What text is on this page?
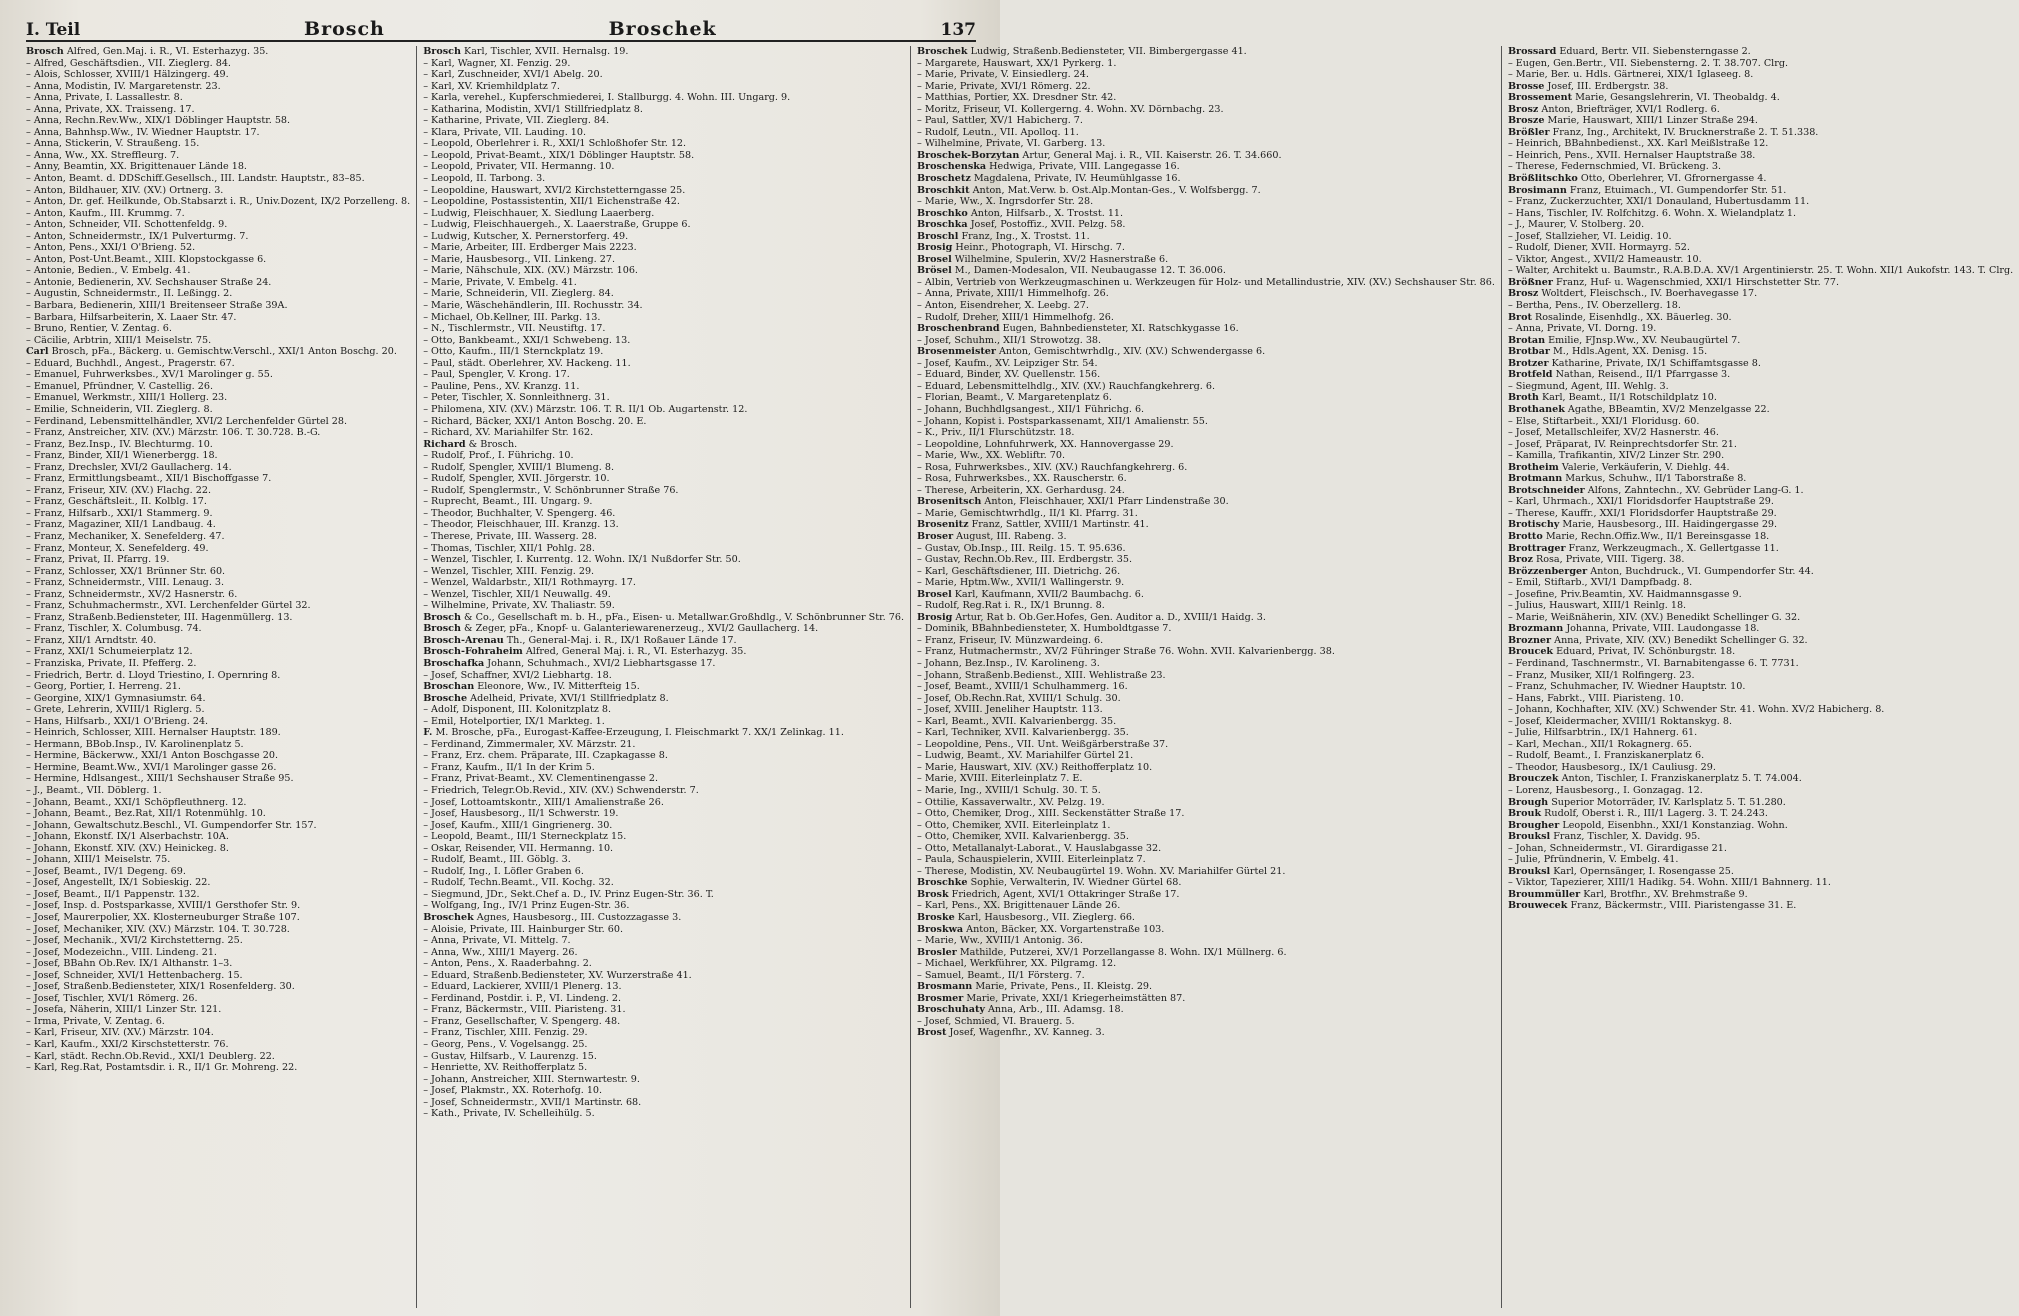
I. Teil	Brosch	Broschek	137
Brosch Alfred, Gen.Maj. i. R., VI. Esterhazyg. 35.
– Alfred, Geschäftsdien., VII. Zieglerg. 84.
– Alois, Schlosser, XVIII/1 Hälzingerg. 49.
– Anna, Modistin, IV. Margaretenstr. 23.
– Anna, Private, I. Lassallestr. 8.
– Anna, Private, XX. Traisseng. 17.
– Anna, Rechn.Rev.Ww., XIX/1 Döblinger Hauptstr. 58.
– Anna, Bahnhsp.Ww., IV. Wiedner Hauptstr. 17.
– Anna, Stickerin, V. Straußeng. 15.
– Anna, Ww., XX. Streffleurg. 7.
– Anny, Beamtin, XX. Brigittenauer Lände 18.
– Anton, Beamt. d. DDSchiff.Gesellsch., III. Landstr. Hauptstr., 83–85.
– Anton, Bildhauer, XIV. (XV.) Ortnerg. 3.
– Anton, Dr. gef. Heilkunde, Ob.Stabsarzt i. R., Univ.Dozent, IX/2 Porzelleng. 8.
– Anton, Kaufm., III. Krummg. 7.
– Anton, Schneider, VII. Schottenfeldg. 9.
– Anton, Schneidermstr., IX/1 Pulverturmg. 7.
– Anton, Pens., XXI/1 O'Brieng. 52.
– Anton, Post-Unt.Beamt., XIII. Klopstockgasse 6.
– Antonie, Bedien., V. Embelg. 41.
– Antonie, Bedienerin, XV. Sechshauser Straße 24.
– Augustin, Schneidermstr., II. Leßingg. 2.
– Barbara, Bedienerin, XIII/1 Breitenseer Straße 39A.
– Barbara, Hilfsarbeiterin, X. Laaer Str. 47.
– Bruno, Rentier, V. Zentag. 6.
– Cäcilie, Arbtrin, XIII/1 Meiselstr. 75.
Carl Brosch, pFa., Bäckerg. u. Gemischtw.Verschl., XXI/1 Anton Boschg. 20.
– Eduard, Buchhdl., Angest., Pragerstr. 67.
– Emanuel, Fuhrwerksbes., XV/1 Marolinger g. 55.
– Emanuel, Pfründner, V. Castellig. 26.
– Emanuel, Werkmstr., XIII/1 Hollerg. 23.
– Emilie, Schneiderin, VII. Zieglerg. 8.
– Ferdinand, Lebensmittelhändler, XVI/2 Lerchenfelder Gürtel 28.
– Franz, Anstreicher, XIV. (XV.) Märzstr. 106. T. 30.728. B.-G.
– Franz, Bez.Insp., IV. Blechturmg. 10.
– Franz, Binder, XII/1 Wienerbergg. 18.
– Franz, Drechsler, XVI/2 Gaullacherg. 14.
– Franz, Ermittlungsbeamt., XII/1 Bischoffgasse 7.
– Franz, Friseur, XIV. (XV.) Flachg. 22.
– Franz, Geschäftsleit., II. Kolblg. 17.
– Franz, Hilfsarb., XXI/1 Stammerg. 9.
– Franz, Magaziner, XII/1 Landbaug. 4.
– Franz, Mechaniker, X. Senefelderg. 47.
– Franz, Monteur, X. Senefelderg. 49.
– Franz, Privat, II. Pfarrg. 19.
– Franz, Schlosser, XX/1 Brünner Str. 60.
– Franz, Schneidermstr., VIII. Lenaug. 3.
– Franz, Schneidermstr., XV/2 Hasnerstr. 6.
– Franz, Schuhmachermstr., XVI. Lerchenfelder Gürtel 32.
– Franz, Straßenb.Bediensteter, III. Hagenmüllerg. 13.
– Franz, Tischler, X. Columbusg. 74.
– Franz, XII/1 Arndtstr. 40.
– Franz, XXI/1 Schumeierplatz 12.
– Franziska, Private, II. Pfefferg. 2.
– Friedrich, Bertr. d. Lloyd Triestino, I. Opernring 8.
– Georg, Portier, I. Herreng. 21.
– Georgine, XIX/1 Gymnasiumstr. 64.
– Grete, Lehrerin, XVIII/1 Riglerg. 5.
– Hans, Hilfsarb., XXI/1 O'Brieng. 24.
– Heinrich, Schlosser, XIII. Hernalser Hauptstr. 189.
– Hermann, BBob.Insp., IV. Karolinenplatz 5.
– Hermine, Bäckerww., XXI/1 Anton Boschgasse 20.
– Hermine, Beamt.Ww., XVI/1 Marolinger gasse 26.
– Hermine, Hdlsangest., XIII/1 Sechshauser Straße 95.
– J., Beamt., VII. Döblerg. 1.
– Johann, Beamt., XXI/1 Schöpfleuthnerg. 12.
– Johann, Beamt., Bez.Rat, XII/1 Rotenmühlg. 10.
– Johann, Gewaltschutz.Beschl., VI. Gumpendorfer Str. 157.
– Johann, Ekonstf. IX/1 Alserbachstr. 10A.
– Johann, Ekonstf. XIV. (XV.) Heinickeg. 8.
– Johann, XIII/1 Meiselstr. 75.
– Josef, Beamt., IV/1 Degeng. 69.
– Josef, Angestellt, IX/1 Sobieskig. 22.
– Josef, Beamt., II/1 Pappenstr. 132.
– Josef, Insp. d. Postsparkasse, XVIII/1 Gersthofer Str. 9.
– Josef, Maurerpolier, XX. Klosterneuburger Straße 107.
– Josef, Mechaniker, XIV. (XV.) Märzstr. 104. T. 30.728.
– Josef, Mechanik., XVI/2 Kirchstetterng. 25.
– Josef, Modezeichn., VIII. Lindeng. 21.
– Josef, BBahn Ob.Rev. IX/1 Althanstr. 1–3.
– Josef, Schneider, XVI/1 Hettenbacherg. 15.
– Josef, Straßenb.Bediensteter, XIX/1 Rosenfelderg. 30.
– Josef, Tischler, XVI/1 Römerg. 26.
– Josefa, Näherin, XIII/1 Linzer Str. 121.
– Irma, Private, V. Zentag. 6.
– Karl, Friseur, XIV. (XV.) Märzstr. 104.
– Karl, Kaufm., XXI/2 Kirschstetterstr. 76.
– Karl, städt. Rechn.Ob.Revid., XXI/1 Deublerg. 22.
– Karl, Reg.Rat, Postamtsdir. i. R., II/1 Gr. Mohreng. 22.
Brosch Karl, Tischler, XVII. Hernalsg. 19.
– Karl, Wagner, XI. Fenzig. 29.
– Karl, Zuschneider, XVI/1 Abelg. 20.
– Karl, XV. Kriemhildplatz 7.
– Karla, verehel., Kupferschmiederei, I. Stallburgg. 4. Wohn. III. Ungarg. 9.
– Katharina, Modistin, XVI/1 Stillfriedplatz 8.
– Katharine, Private, VII. Zieglerg. 84.
– Klara, Private, VII. Lauding. 10.
– Leopold, Oberlehrer i. R., XXI/1 Schloßhofer Str. 12.
– Leopold, Privat-Beamt., XIX/1 Döblinger Hauptstr. 58.
– Leopold, Privater, VII. Hermanng. 10.
– Leopold, II. Tarbong. 3.
– Leopoldine, Hauswart, XVI/2 Kirchstetterngasse 25.
– Leopoldine, Postassistentin, XII/1 Eichenstraße 42.
– Ludwig, Fleischhauer, X. Siedlung Laaerberg.
– Ludwig, Fleischhauergeh., X. Laaerstraße, Gruppe 6.
– Ludwig, Kutscher, X. Pernerstorferg. 49.
– Marie, Arbeiter, III. Erdberger Mais 2223.
– Marie, Hausbesorg., VII. Linkeng. 27.
– Marie, Nähschule, XIX. (XV.) Märzstr. 106.
– Marie, Private, V. Embelg. 41.
– Marie, Schneiderin, VII. Zieglerg. 84.
– Marie, Wäschehändlerin, III. Rochusstr. 34.
– Michael, Ob.Kellner, III. Parkg. 13.
– N., Tischlermstr., VII. Neustiftg. 17.
– Otto, Bankbeamt., XXI/1 Schwebeng. 13.
– Otto, Kaufm., III/1 Sternckplatz 19.
– Paul, städt. Oberlehrer, XV. Hackeng. 11.
– Paul, Spengler, V. Krong. 17.
– Pauline, Pens., XV. Kranzg. 11.
– Peter, Tischler, X. Sonnleithnerg. 31.
– Philomena, XIV. (XV.) Märzstr. 106. T. R. II/1 Ob. Augartenstr. 12.
– Richard, Bäcker, XXI/1 Anton Boschg. 20. E.
– Richard, XV. Mariahilfer Str. 162.
Richard & Brosch.
– Rudolf, Prof., I. Führichg. 10.
– Rudolf, Spengler, XVIII/1 Blumeng. 8.
– Rudolf, Spengler, XVII. Jörgerstr. 10.
– Rudolf, Spenglermstr., V. Schönbrunner Straße 76.
– Ruprecht, Beamt., III. Ungarg. 9.
– Theodor, Buchhalter, V. Spengerg. 46.
– Theodor, Fleischhauer, III. Kranzg. 13.
– Therese, Private, III. Wasserg. 28.
– Thomas, Tischler, XII/1 Pohlg. 28.
– Wenzel, Tischler, I. Kurrentg. 12. Wohn. IX/1 Nußdorfer Str. 50.
– Wenzel, Tischler, XIII. Fenzig. 29.
– Wenzel, Waldarbstr., XII/1 Rothmayrg. 17.
– Wenzel, Tischler, XII/1 Neuwallg. 49.
– Wilhelmine, Private, XV. Thaliastr. 59.
Brosch & Co., Gesellschaft m. b. H., pFa., Eisen- u. Metallwar.Großhdlg., V. Schönbrunner Str. 76.
Brosch & Zeger, pFa., Knopf- u. Galanteriewarenerzeug., XVI/2 Gaullacherg. 14.
Brosch-Arenau Th., General-Maj. i. R., IX/1 Roßauer Lände 17.
Brosch-Fohraheim Alfred, General Maj. i. R., VI. Esterhazyg. 35.
Broschafka Johann, Schuhmach., XVI/2 Liebhartsgasse 17.
– Josef, Schaffner, XVI/2 Liebhartg. 18.
Broschan Eleonore, Ww., IV. Mitterfteig 15.
Brosche Adelheid, Private, XVI/1 Stillfriedplatz 8.
– Adolf, Disponent, III. Kolonitzplatz 8.
– Emil, Hotelportier, IX/1 Markteg. 1.
F. M. Brosche, pFa., Eurogast-Kaffee-Erzeugung, I. Fleischmarkt 7. XX/1 Zelinkag. 11.
– Ferdinand, Zimmermaler, XV. Märzstr. 21.
– Franz, Erz. chem. Präparate, III. Czapkagasse 8.
– Franz, Kaufm., II/1 In der Krim 5.
– Franz, Privat-Beamt., XV. Clementinengasse 2.
– Friedrich, Telegr.Ob.Revid., XIV. (XV.) Schwenderstr. 7.
– Josef, Lottoamtskontr., XIII/1 Amalienstraße 26.
– Josef, Hausbesorg., II/1 Schwerstr. 19.
– Josef, Kaufm., XIII/1 Gingrienerg. 30.
– Leopold, Beamt., III/1 Sterneckplatz 15.
– Oskar, Reisender, VII. Hermanng. 10.
– Rudolf, Beamt., III. Göblg. 3.
– Rudolf, Ing., I. Löfler Graben 6.
– Rudolf, Techn.Beamt., VII. Kochg. 32.
– Siegmund, JDr., Sekt.Chef a. D., IV. Prinz Eugen-Str. 36. T.
– Wolfgang, Ing., IV/1 Prinz Eugen-Str. 36.
Broschek Agnes, Hausbesorg., III. Custozzagasse 3.
– Aloisie, Private, III. Hainburger Str. 60.
– Anna, Private, VI. Mittelg. 7.
– Anna, Ww., XIII/1 Mayerg. 26.
– Anton, Pens., X. Raaderbahng. 2.
– Eduard, Straßenb.Bediensteter, XV. Wurzerstraße 41.
– Eduard, Lackierer, XVIII/1 Plenerg. 13.
– Ferdinand, Postdir. i. P., VI. Lindeng. 2.
– Franz, Bäckermstr., VIII. Piaristeng. 31.
– Franz, Gesellschafter, V. Spengerg. 48.
– Franz, Tischler, XIII. Fenzig. 29.
– Georg, Pens., V. Vogelsangg. 25.
– Gustav, Hilfsarb., V. Laurenzg. 15.
– Henriette, XV. Reithofferplatz 5.
– Johann, Anstreicher, XIII. Sternwartestr. 9.
– Josef, Plakmstr., XX. Roterhofg. 10.
– Josef, Schneidermstr., XVII/1 Martinstr. 68.
– Kath., Private, IV. Schelleihülg. 5.
Broschek Ludwig, Straßenb.Bediensteter, VII. Bimbergergasse 41.
– Margarete, Hauswart, XX/1 Pyrkerg. 1.
– Marie, Private, V. Einsiedlerg. 24.
– Marie, Private, XVI/1 Römerg. 22.
– Matthias, Portier, XX. Dresdner Str. 42.
– Moritz, Friseur, VI. Kollergerng. 4. Wohn. XV. Dörnbachg. 23.
– Paul, Sattler, XV/1 Habicherg. 7.
– Rudolf, Leutn., VII. Apolloq. 11.
– Wilhelmine, Private, VI. Garberg. 13.
Broschek-Borzytan Artur, General Maj. i. R., VII. Kaiserstr. 26. T. 34.660.
Broschenska Hedwiga, Private, VIII. Langegasse 16.
Broschetz Magdalena, Private, IV. Heumühlgasse 16.
Broschkit Anton, Mat.Verw. b. Ost.Alp.Montan-Ges., V. Wolfsbergg. 7.
– Marie, Ww., X. Ingrsdorfer Str. 28.
Broschko Anton, Hilfsarb., X. Trostst. 11.
Broschka Josef, Postoffiz., XVII. Pelzg. 58.
Broschl Franz, Ing., X. Trostst. 11.
Brosig Heinr., Photograph, VI. Hirschg. 7.
Brosel Wilhelmine, Spulerin, XV/2 Hasnerstraße 6.
Brösel M., Damen-Modesalon, VII. Neubaugasse 12. T. 36.006.
– Albin, Vertrieb von Werkzeugmaschinen u. Werkzeugen für Holz- und Metallindustrie, XIV. (XV.) Sechshauser Str. 86.
– Anna, Private, XIII/1 Himmelhofg. 26.
– Anton, Eisendreher, X. Leebg. 27.
– Rudolf, Dreher, XIII/1 Himmelhofg. 26.
Broschenbrand Eugen, Bahnbediensteter, XI. Ratschkygasse 16.
– Josef, Schuhm., XII/1 Strowotzg. 38.
Brosenmeister Anton, Gemischtwrhdlg., XIV. (XV.) Schwendergasse 6.
– Josef, Kaufm., XV. Leipziger Str. 54.
– Eduard, Binder, XV. Quellenstr. 156.
– Eduard, Lebensmittelhdlg., XIV. (XV.) Rauchfangkehrerg. 6.
– Florian, Beamt., V. Margaretenplatz 6.
– Johann, Buchhdlgsangest., XII/1 Führichg. 6.
– Johann, Kopist i. Postsparkassenamt, XII/1 Amalienstr. 55.
– K., Priv., II/1 Flurschützstr. 18.
– Leopoldine, Lohnfuhrwerk, XX. Hannovergasse 29.
– Marie, Ww., XX. Webliftr. 70.
– Rosa, Fuhrwerksbes., XIV. (XV.) Rauchfangkehrerg. 6.
– Rosa, Fuhrwerksbes., XX. Rauscherstr. 6.
– Therese, Arbeiterin, XX. Gerhardusg. 24.
Brosenitsch Anton, Fleischhauer, XXI/1 Pfarr Lindenstraße 30.
– Marie, Gemischtwrhdlg., II/1 Kl. Pfarrg. 31.
Brosenitz Franz, Sattler, XVIII/1 Martinstr. 41.
Broser August, III. Rabeng. 3.
– Gustav, Ob.Insp., III. Reilg. 15. T. 95.636.
– Gustav, Rechn.Ob.Rev., III. Erdbergstr. 35.
– Karl, Geschäftsdiener, III. Dietrichg. 26.
– Marie, Hptm.Ww., XVII/1 Wallingerstr. 9.
Brosel Karl, Kaufmann, XVII/2 Baumbachg. 6.
– Rudolf, Reg.Rat i. R., IX/1 Brunng. 8.
Brosig Artur, Rat b. Ob.Ger.Hofes, Gen. Auditor a. D., XVIII/1 Haidg. 3.
– Dominik, BBahnbediensteter, X. Humboldtgasse 7.
– Franz, Friseur, IV. Münzwardeing. 6.
– Franz, Hutmachermstr., XV/2 Führinger Straße 76. Wohn. XVII. Kalvarienbergg. 38.
– Johann, Bez.Insp., IV. Karolineng. 3.
– Johann, Straßenb.Bedienst., XIII. Wehlistraße 23.
– Josef, Beamt., XVIII/1 Schulhammerg. 16.
– Josef, Ob.Rechn.Rat, XVIII/1 Schulg. 30.
– Josef, XVIII. Jeneliher Hauptstr. 113.
– Karl, Beamt., XVII. Kalvarienbergg. 35.
– Karl, Techniker, XVII. Kalvarienbergg. 35.
– Leopoldine, Pens., VII. Unt. Weißgärberstraße 37.
– Ludwig, Beamt., XV. Mariahilfer Gürtel 21.
– Marie, Hauswart, XIV. (XV.) Reithofferplatz 10.
– Marie, XVIII. Eiterleinplatz 7. E.
– Marie, Ing., XVIII/1 Schulg. 30. T. 5.
– Ottilie, Kassaverwaltr., XV. Pelzg. 19.
– Otto, Chemiker, Drog., XIII. Seckenstätter Straße 17.
– Otto, Chemiker, XVII. Eiterleinplatz 1.
– Otto, Chemiker, XVII. Kalvarienbergg. 35.
– Otto, Metallanalyt-Laborat., V. Hauslabgasse 32.
– Paula, Schauspielerin, XVIII. Eiterleinplatz 7.
– Therese, Modistin, XV. Neubaugürtel 19. Wohn. XV. Mariahilfer Gürtel 21.
Broschke Sophie, Verwalterin, IV. Wiedner Gürtel 68.
Brosk Friedrich, Agent, XVI/1 Ottakringer Straße 17.
– Karl, Pens., XX. Brigittenauer Lände 26.
Broske Karl, Hausbesorg., VII. Zieglerg. 66.
Broskwa Anton, Bäcker, XX. Vorgartenstraße 103.
– Marie, Ww., XVIII/1 Antonig. 36.
Brosler Mathilde, Putzerei, XV/1 Porzellangasse 8. Wohn. IX/1 Müllnerg. 6.
– Michael, Werkführer, XX. Pilgramg. 12.
– Samuel, Beamt., II/1 Försterg. 7.
Brosmann Marie, Private, Pens., II. Kleistg. 29.
Brosmer Marie, Private, XXI/1 Kriegerheimstätten 87.
Broschuhaty Anna, Arb., III. Adamsg. 18.
– Josef, Schmied, VI. Brauerg. 5.
Brost Josef, Wagenfhr., XV. Kanneg. 3.
Brossard Eduard, Bertr. VII. Siebensterngasse 2.
– Eugen, Gen.Bertr., VII. Siebensterng. 2. T. 38.707. Clrg.
– Marie, Ber. u. Hdls. Gärtnerei, XIX/1 Iglaseeg. 8.
Brosse Josef, III. Erdbergstr. 38.
Brossement Marie, Gesangslehrerin, VI. Theobaldg. 4.
Brosz Anton, Briefträger, XVI/1 Rodlerg. 6.
Brosze Marie, Hauswart, XIII/1 Linzer Straße 294.
Brößler Franz, Ing., Architekt, IV. Brucknerstraße 2. T. 51.338.
– Heinrich, BBahnbedienst., XX. Karl Meißlstraße 12.
– Heinrich, Pens., XVII. Hernalser Hauptstraße 38.
– Therese, Federnschmied, VI. Brückeng. 3.
Brößlitschko Otto, Oberlehrer, VI. Gfrornergasse 4.
Brosimann Franz, Etuimach., VI. Gumpendorfer Str. 51.
– Franz, Zuckerzuchter, XXI/1 Donauland, Hubertusdamm 11.
– Hans, Tischler, IV. Rolfchitzg. 6. Wohn. X. Wielandplatz 1.
– J., Maurer, V. Stolberg. 20.
– Josef, Stallzieher, VI. Leidig. 10.
– Rudolf, Diener, XVII. Hormayrg. 52.
– Viktor, Angest., XVII/2 Hameaustr. 10.
– Walter, Architekt u. Baumstr., R.A.B.D.A. XV/1 Argentinierstr. 25. T. Wohn. XII/1 Aukofstr. 143. T. Clrg.
Brößner Franz, Huf- u. Wagenschmied, XXI/1 Hirschstetter Str. 77.
Brosz Woltdert, Fleischsch., IV. Boerhavegasse 17.
– Bertha, Pens., IV. Oberzellerg. 18.
Brot Rosalinde, Eisenhdlg., XX. Bäuerleg. 30.
– Anna, Private, VI. Dorng. 19.
Brotan Emilie, FJnsp.Ww., XV. Neubaugürtel 7.
Brotbar M., Hdls.Agent, XX. Denisg. 15.
Brotzer Katharine, Private, IX/1 Schiffamtsgasse 8.
Brotfeld Nathan, Reisend., II/1 Pfarrgasse 3.
– Siegmund, Agent, III. Wehlg. 3.
Broth Karl, Beamt., II/1 Rotschildplatz 10.
Brothanek Agathe, BBeamtin, XV/2 Menzelgasse 22.
– Else, Stiftarbeit., XXI/1 Floridusg. 60.
– Josef, Metallschleifer, XV/2 Hasnerstr. 46.
– Josef, Präparat, IV. Reinprechtsdorfer Str. 21.
– Kamilla, Trafikantin, XIV/2 Linzer Str. 290.
Brotheim Valerie, Verkäuferin, V. Diehlg. 44.
Brotmann Markus, Schuhw., II/1 Taborstraße 8.
Brotschneider Alfons, Zahntechn., XV. Gebrüder Lang-G. 1.
– Karl, Uhrmach., XXI/1 Floridsdorfer Hauptstraße 29.
– Therese, Kauffr., XXI/1 Floridsdorfer Hauptstraße 29.
Brotischy Marie, Hausbesorg., III. Haidingergasse 29.
Brotto Marie, Rechn.Offiz.Ww., II/1 Bereinsgasse 18.
Brottrager Franz, Werkzeugmach., X. Gellertgasse 11.
Broz Rosa, Private, VIII. Tigerg. 38.
Brözzenberger Anton, Buchdruck., VI. Gumpendorfer Str. 44.
– Emil, Stiftarb., XVI/1 Dampfbadg. 8.
– Josefine, Priv.Beamtin, XV. Haidmannsgasse 9.
– Julius, Hauswart, XIII/1 Reinlg. 18.
– Marie, Weißnäherin, XIV. (XV.) Benedikt Schellinger G. 32.
Brozmann Johanna, Private, VIII. Laudongasse 18.
Brozner Anna, Private, XIV. (XV.) Benedikt Schellinger G. 32.
Broucek Eduard, Privat, IV. Schönburgstr. 18.
– Ferdinand, Taschnermstr., VI. Barnabitengasse 6. T. 7731.
– Franz, Musiker, XII/1 Rolfingerg. 23.
– Franz, Schuhmacher, IV. Wiedner Hauptstr. 10.
– Hans, Fabrkt., VIII. Piaristeng. 10.
– Johann, Kochhafter, XIV. (XV.) Schwender Str. 41. Wohn. XV/2 Habicherg. 8.
– Josef, Kleidermacher, XVIII/1 Roktanskyg. 8.
– Julie, Hilfsarbtrin., IX/1 Hahnerg. 61.
– Karl, Mechan., XII/1 Rokagnerg. 65.
– Rudolf, Beamt., I. Franziskanerplatz 6.
– Theodor, Hausbesorg., IX/1 Cauliusg. 29.
Brouczek Anton, Tischler, I. Franziskanerplatz 5. T. 74.004.
– Lorenz, Hausbesorg., I. Gonzagag. 12.
Brough Superior Motorräder, IV. Karlsplatz 5. T. 51.280.
Brouk Rudolf, Oberst i. R., III/1 Lagerg. 3. T. 24.243.
Brougher Leopold, Eisenbhn., XXI/1 Konstanziag. Wohn.
Brouksl Franz, Tischler, X. Davidg. 95.
– Johan, Schneidermstr., VI. Girardigasse 21.
– Julie, Pfründnerin, V. Embelg. 41.
Brouksl Karl, Opernsänger, I. Rosengasse 25.
– Viktor, Tapezierer, XIII/1 Hadikg. 54. Wohn. XIII/1 Bahnnerg. 11.
Broummüller Karl, Brotfhr., XV. Brehmstraße 9.
Brouwecek Franz, Bäckermstr., VIII. Piaristengasse 31. E.
